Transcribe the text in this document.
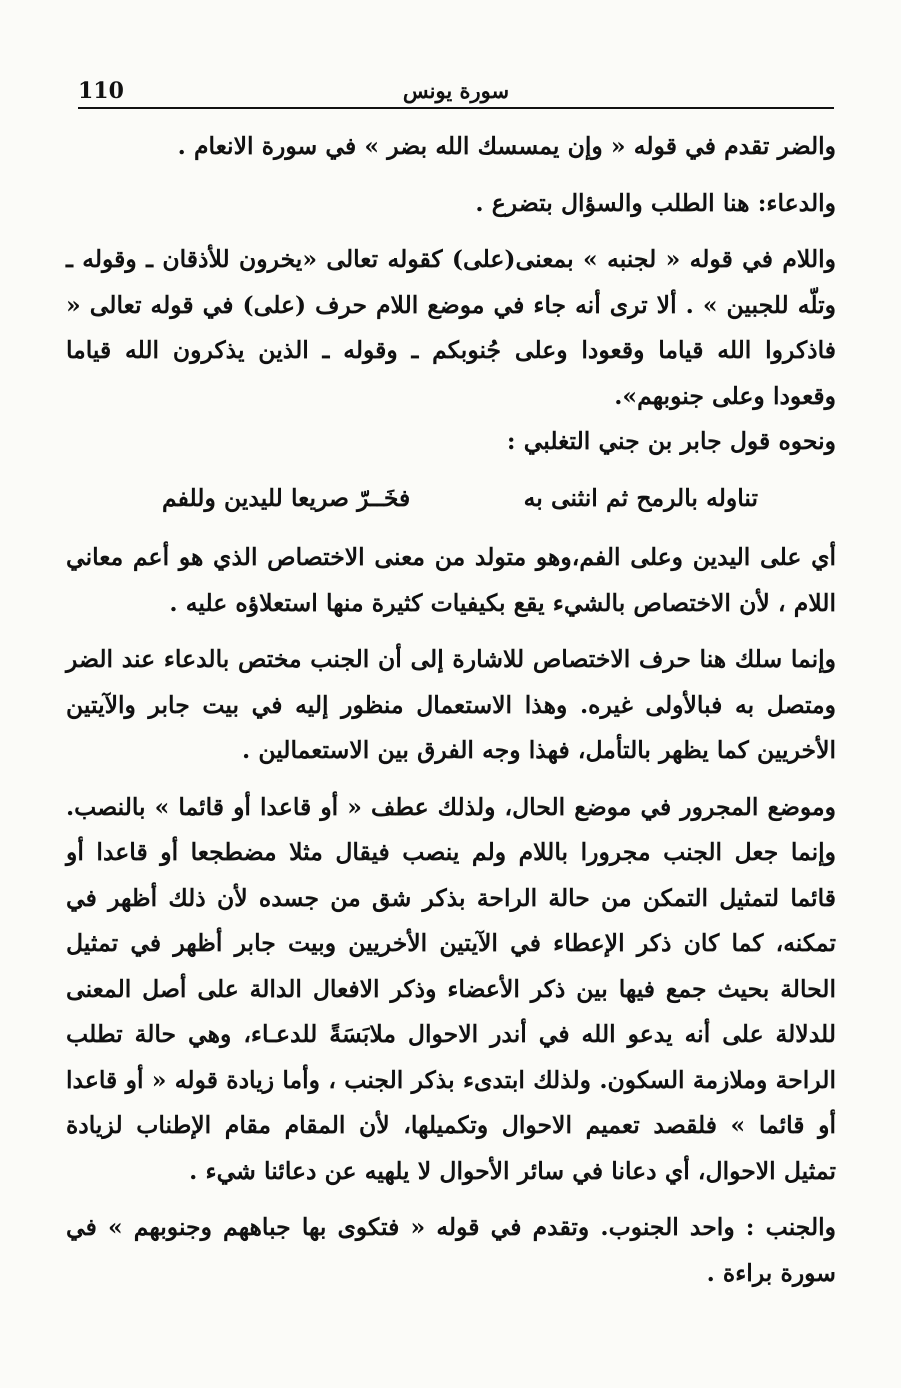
110	سورة يونس

والضر تقدم في قوله « وإن يمسسك الله بضر » في سورة الانعام .

والدعاء: هنا الطلب والسؤال بتضرع .

واللام في قوله « لجنبه » بمعنى(على) كقوله تعالى «يخرون للأذقان ـ وقوله ـ وتلّه للجبين » . ألا ترى أنه جاء في موضع اللام حرف (على) في قوله تعالى « فاذكروا الله قياما وقعودا وعلى جُنوبكم ـ وقوله ـ الذين يذكرون الله قياما وقعودا وعلى جنوبهم».

ونحوه قول جابر بن جني التغلبي :

تناوله بالرمح ثم انثنى به
فخَــرّ صريعا لليدين وللفم

أي على اليدين وعلى الفم،وهو متولد من معنى الاختصاص الذي هو أعم معاني اللام ، لأن الاختصاص بالشيء يقع بكيفيات كثيرة منها استعلاؤه عليه .

وإنما سلك هنا حرف الاختصاص للاشارة إلى أن الجنب مختص بالدعاء عند الضر ومتصل به فبالأولى غيره. وهذا الاستعمال منظور إليه في بيت جابر والآيتين الأخريين كما يظهر بالتأمل، فهذا وجه الفرق بين الاستعمالين .

وموضع المجرور في موضع الحال، ولذلك عطف « أو قاعدا أو قائما » بالنصب. وإنما جعل الجنب مجرورا باللام ولم ينصب فيقال مثلا مضطجعا أو قاعدا أو قائما لتمثيل التمكن من حالة الراحة بذكر شق من جسده لأن ذلك أظهر في تمكنه، كما كان ذكر الإعطاء في الآيتين الأخريين وبيت جابر أظهر في تمثيل الحالة بحيث جمع فيها بين ذكر الأعضاء وذكر الافعال الدالة على أصل المعنى للدلالة على أنه يدعو الله في أندر الاحوال ملابَسَةً للدعـاء، وهي حالة تطلب الراحة وملازمة السكون. ولذلك ابتدىء بذكر الجنب ، وأما زيادة قوله « أو قاعدا أو قائما » فلقصد تعميم الاحوال وتكميلها، لأن المقام مقام الإطناب لزيادة تمثيل الاحوال، أي دعانا في سائر الأحوال لا يلهيه عن دعائنا شيء .

والجنب : واحد الجنوب. وتقدم في قوله « فتكوى بها جباههم وجنوبهم » في سورة براءة .
